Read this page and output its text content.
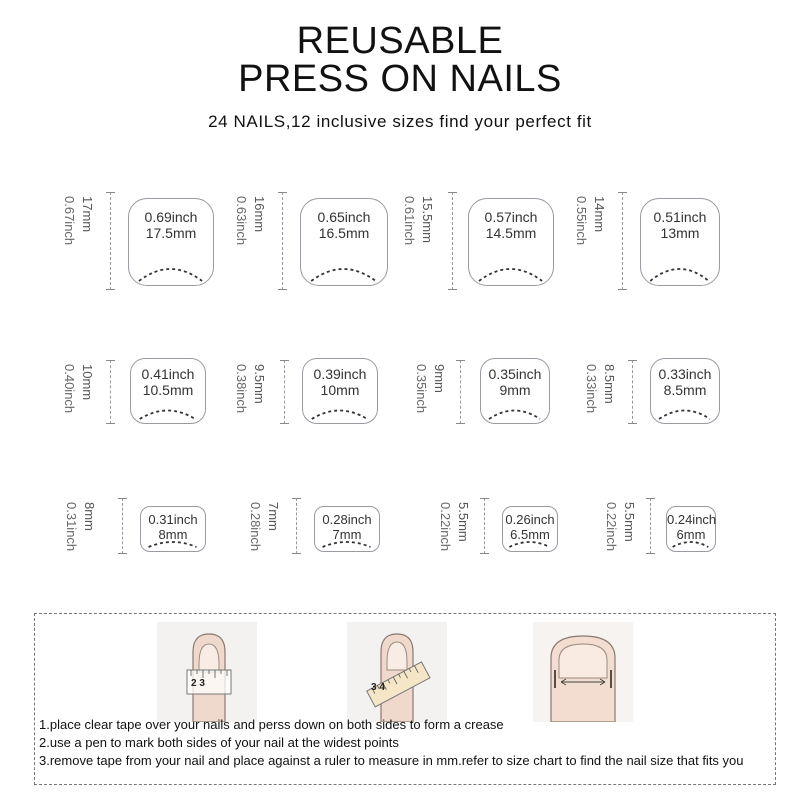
REUSABLE
PRESS ON NAILS
24 NAILS,12 inclusive sizes find your perfect fit
17mm
0.67inch	0.69inch
17.5mm
16mm
0.63inch	0.65inch
16.5mm	15.5mm
0.61inch	0.57inch
14.5mm
14mm
0.55inch	0.51inch
13mm
10mm
0.40inch	0.41inch
10.5mm	9.5mm
0.38inch	0.39inch
10mm	9mm
0.35inch	0.35inch
9mm	8.5mm
0.33inch	0.33inch
8.5mm
8mm
0.31inch	0.31inch
8mm
7mm
0.28inch	0.28inch
7mm	5.5mm
0.22inch	0.26inch
6.5mm	5.5mm
0.22inch	0.24inch
6mm
2 3	3 4
1.place clear tape over your nails and perss down on both sides to form a crease
2.use a pen to mark both sides of your nail at the widest points
3.remove tape from your nail and place against a ruler to measure in mm.refer to size chart to find the nail size that fits you
